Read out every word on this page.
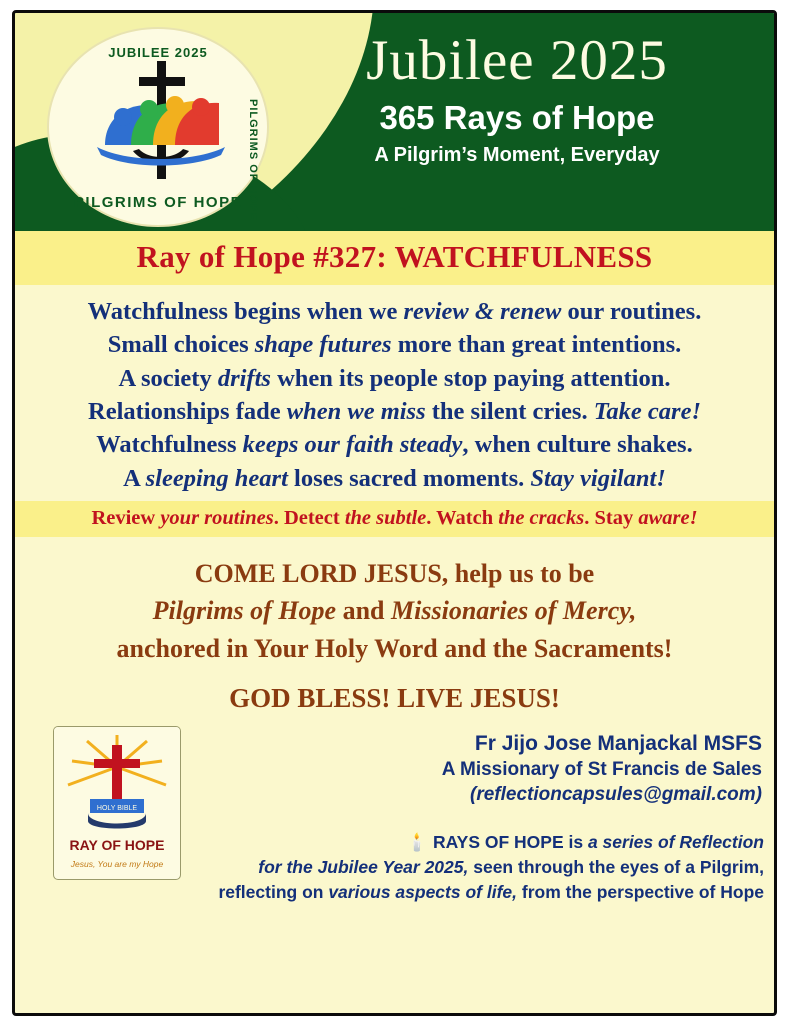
JUBILEE 2025
PILGRIMS OF HOPE
PILGRIMS OF HOPE
Jubilee 2025
365 Rays of Hope
A Pilgrim’s Moment, Everyday
Ray of Hope #327: WATCHFULNESS
Watchfulness begins when we review & renew our routines.
Small choices shape futures more than great intentions.
A society drifts when its people stop paying attention.
Relationships fade when we miss the silent cries. Take care!
Watchfulness keeps our faith steady, when culture shakes.
A sleeping heart loses sacred moments. Stay vigilant!
Review your routines. Detect the subtle. Watch the cracks. Stay aware!
COME LORD JESUS, help us to be
Pilgrims of Hope and Missionaries of Mercy,
anchored in Your Holy Word and the Sacraments!
GOD BLESS! LIVE JESUS!
HOLY BIBLE
RAY OF HOPE
Jesus, You are my Hope
Fr Jijo Jose Manjackal MSFS
A Missionary of St Francis de Sales
(reflectioncapsules@gmail.com)
🕯️ RAYS OF HOPE is a series of Reflection
for the Jubilee Year 2025, seen through the eyes of a Pilgrim,
reflecting on various aspects of life, from the perspective of Hope
